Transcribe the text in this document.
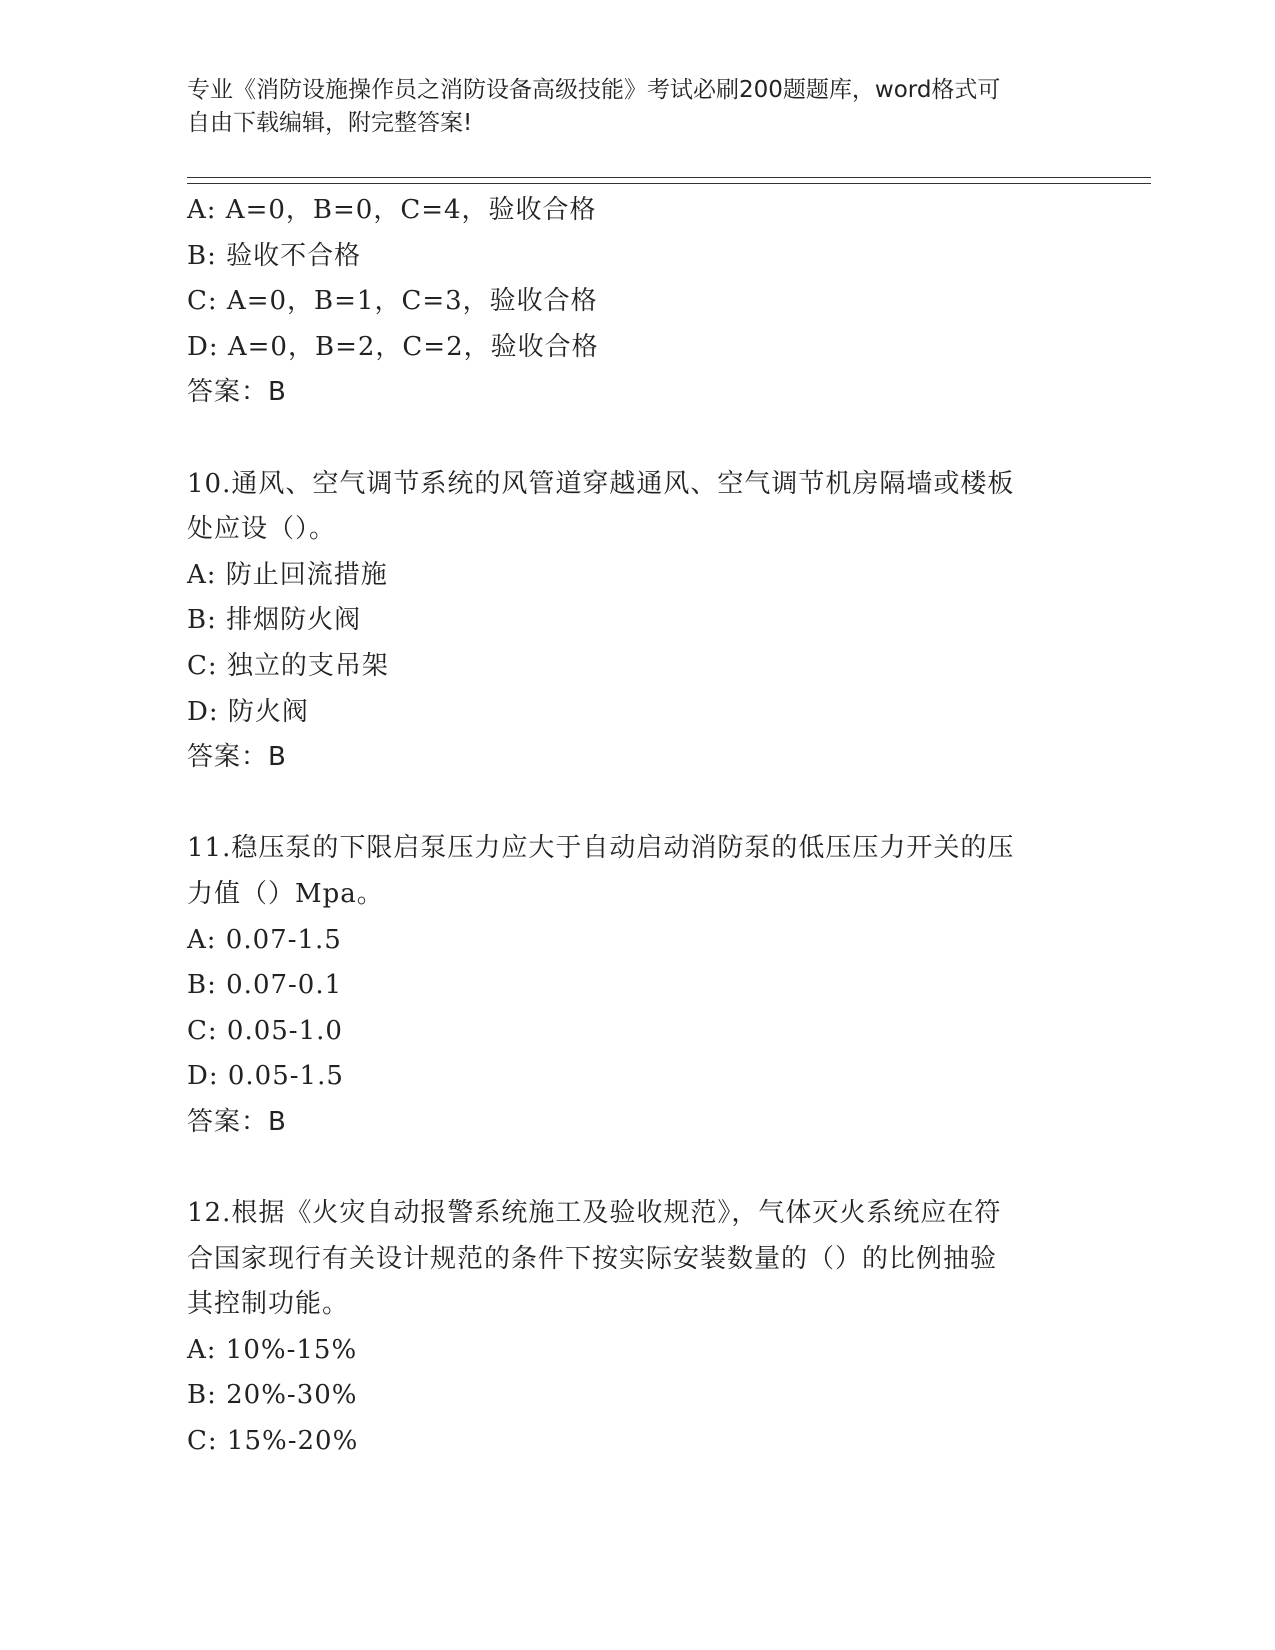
专业《消防设施操作员之消防设备高级技能》考试必刷200题题库，word格式可
自由下载编辑，附完整答案!
A: A=0，B=0，C=4，验收合格
B: 验收不合格
C: A=0，B=1，C=3，验收合格
D: A=0，B=2，C=2，验收合格
答案：B
10.通风、空气调节系统的风管道穿越通风、空气调节机房隔墙或楼板
处应设（）。
A: 防止回流措施
B: 排烟防火阀
C: 独立的支吊架
D: 防火阀
答案：B
11.稳压泵的下限启泵压力应大于自动启动消防泵的低压压力开关的压
力值（）Mpa。
A: 0.07-1.5
B: 0.07-0.1
C: 0.05-1.0
D: 0.05-1.5
答案：B
12.根据《火灾自动报警系统施工及验收规范》，气体灭火系统应在符
合国家现行有关设计规范的条件下按实际安装数量的（）的比例抽验
其控制功能。
A: 10%-15%
B: 20%-30%
C: 15%-20%
